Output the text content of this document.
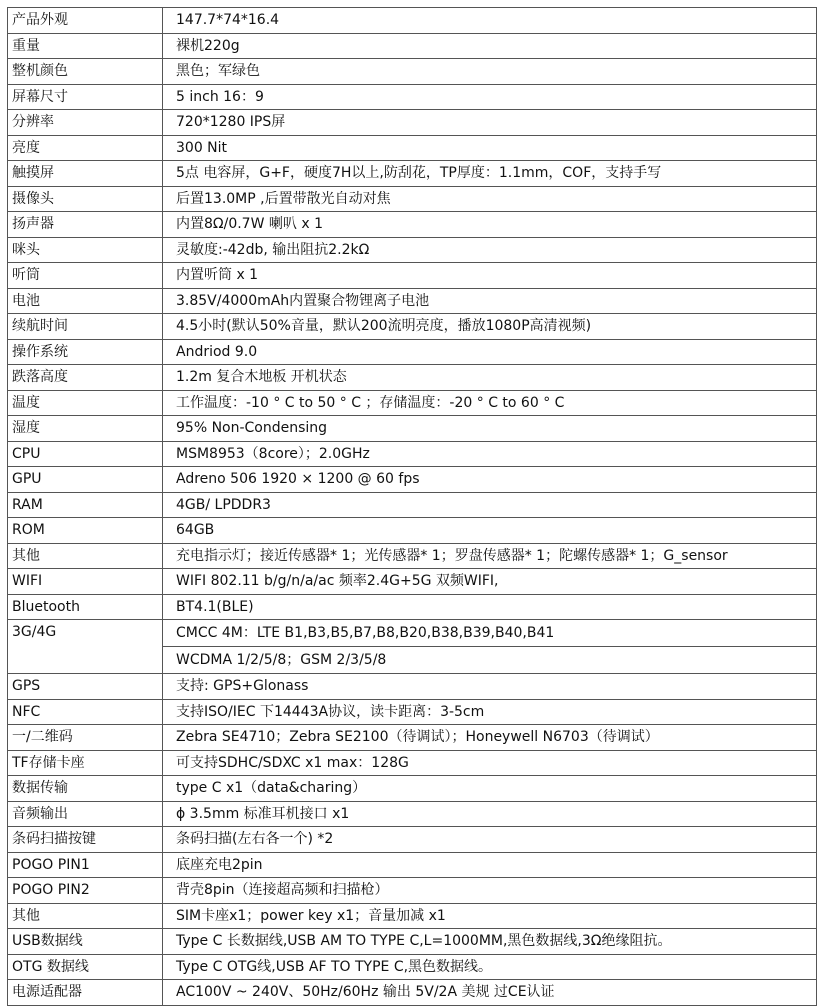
产品外观	147.7*74*16.4
重量	裸机220g
整机颜色	黑色；军绿色
屏幕尺寸	5 inch 16：9
分辨率	720*1280 IPS屏
亮度	300 Nit
触摸屏	5点 电容屏，G+F，硬度7H以上,防刮花，TP厚度：1.1mm，COF，支持手写
摄像头	后置13.0MP ,后置带散光自动对焦
扬声器	内置8Ω/0.7W 喇叭 x 1
咪头	灵敏度:-42db, 输出阻抗2.2kΩ
听筒	内置听筒 x 1
电池	3.85V/4000mAh内置聚合物锂离子电池
续航时间	4.5小时(默认50%音量，默认200流明亮度，播放1080P高清视频)
操作系统	Andriod 9.0
跌落高度	1.2m 复合木地板 开机状态
温度	工作温度：-10 ° C to 50 ° C ；存储温度：-20 ° C to 60 ° C
湿度	95% Non-Condensing
CPU	MSM8953（8core）；2.0GHz
GPU	Adreno 506 1920 × 1200 @ 60 fps
RAM	4GB/ LPDDR3
ROM	64GB
其他	充电指示灯；接近传感器* 1；光传感器* 1；罗盘传感器* 1；陀螺传感器* 1；G_sensor
WIFI	WIFI 802.11 b/g/n/a/ac 频率2.4G+5G 双频WIFI,
Bluetooth	BT4.1(BLE)
3G/4G	CMCC 4M：LTE B1,B3,B5,B7,B8,B20,B38,B39,B40,B41
	WCDMA 1/2/5/8；GSM 2/3/5/8
GPS	支持: GPS+Glonass
NFC	支持ISO/IEC 下14443A协议，读卡距离：3-5cm
一/二维码	Zebra SE4710；Zebra SE2100（待调试）；Honeywell N6703（待调试）
TF存储卡座	可支持SDHC/SDXC x1 max：128G
数据传输	type C x1（data&charing）
音频输出	ϕ 3.5mm 标准耳机接口 x1
条码扫描按键	条码扫描(左右各一个) *2
POGO PIN1	底座充电2pin
POGO PIN2	背壳8pin（连接超高频和扫描枪）
其他	SIM卡座x1；power key x1；音量加减 x1
USB数据线	Type C 长数据线,USB AM TO TYPE C,L=1000MM,黑色数据线,3Ω绝缘阻抗。
OTG 数据线	Type C OTG线,USB AF TO TYPE C,黑色数据线。
电源适配器	AC100V ~ 240V、50Hz/60Hz 输出 5V/2A 美规 过CE认证
